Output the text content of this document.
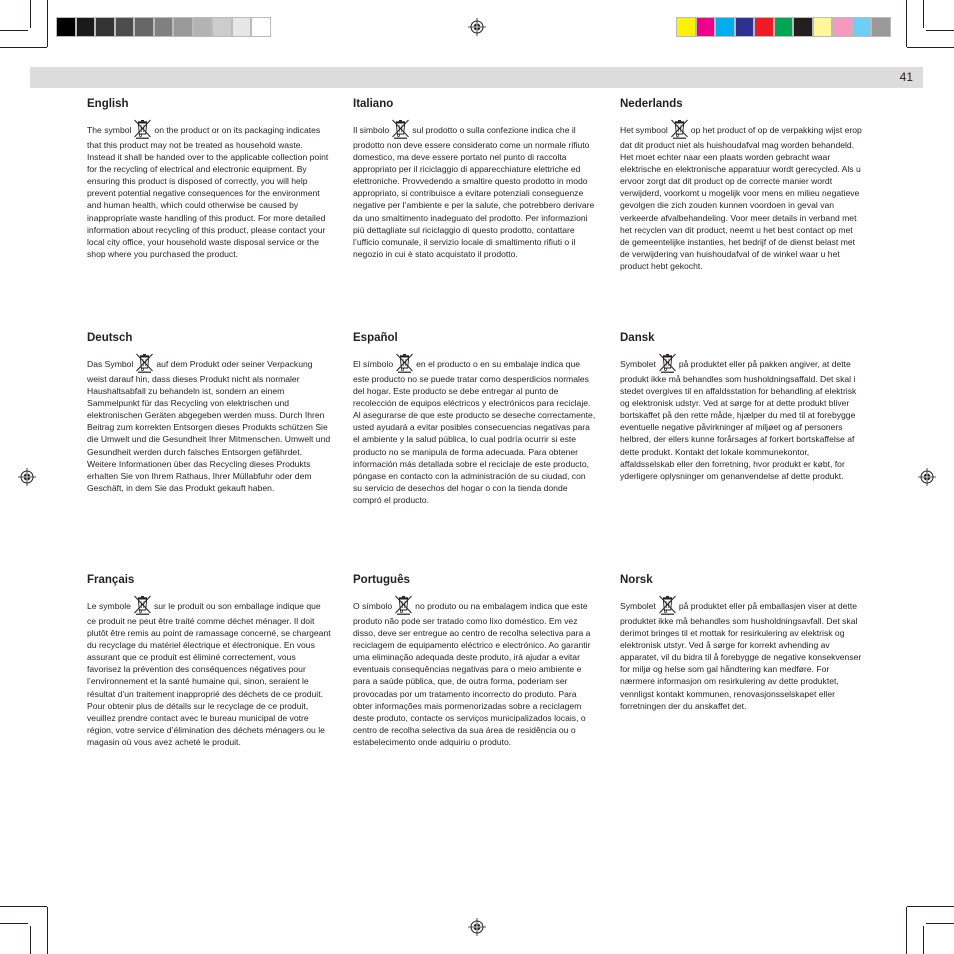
41
English

The symbol	on the product or on its packaging indicates that this product may not be treated as household waste. Instead it shall be handed over to the applicable collection point for the recycling of electrical and electronic equipment. By ensuring this product is disposed of correctly, you will help prevent potential negative consequences for the environment and human health, which could otherwise be caused by inappropriate waste handling of this product. For more detailed information about recycling of this product, please contact your local city office, your household waste disposal service or the shop where you purchased the product.

Italiano

Il simbolo	sul prodotto o sulla confezione indica che il prodotto non deve essere considerato come un normale rifiuto domestico, ma deve essere portato nel punto di raccolta appropriato per il riciclaggio di apparecchiature elettriche ed elettroniche. Provvedendo a smaltire questo prodotto in modo appropriato, si contribuisce a evitare potenziali conseguenze negative per l’ambiente e per la salute, che potrebbero derivare da uno smaltimento inadeguato del prodotto. Per informazioni più dettagliate sul riciclaggio di questo prodotto, contattare l’ufficio comunale, il servizio locale di smaltimento rifiuti o il negozio in cui è stato acquistato il prodotto.

Nederlands

Het symbool	op het product of op de verpakking wijst erop dat dit product niet als huishoudafval mag worden behandeld. Het moet echter naar een plaats worden gebracht waar elektrische en elektronische apparatuur wordt gerecycled. Als u ervoor zorgt dat dit product op de correcte manier wordt verwijderd, voorkomt u mogelijk voor mens en milieu negatieve gevolgen die zich zouden kunnen voordoen in geval van verkeerde afvalbehandeling. Voor meer details in verband met het recyclen van dit product, neemt u het best contact op met de gemeentelijke instanties, het bedrijf of de dienst belast met de verwijdering van huishoudafval of de winkel waar u het product hebt gekocht.

Deutsch

Das Symbol	auf dem Produkt oder seiner Verpackung weist darauf hin, dass dieses Produkt nicht als normaler Haushaltsabfall zu behandeln ist, sondern an einem Sammelpunkt für das Recycling von elektrischen und elektronischen Geräten abgegeben werden muss. Durch Ihren Beitrag zum korrekten Entsorgen dieses Produkts schützen Sie die Umwelt und die Gesundheit Ihrer Mitmenschen. Umwelt und Gesundheit werden durch falsches Entsorgen gefährdet. Weitere Informationen über das Recycling dieses Produkts erhalten Sie von Ihrem Rathaus, Ihrer Müllabfuhr oder dem Geschäft, in dem Sie das Produkt gekauft haben.

Español

El símbolo	en el producto o en su embalaje indica que este producto no se puede tratar como desperdicios normales del hogar. Este producto se debe entregar al punto de recolección de equipos eléctricos y electrónicos para reciclaje. Al asegurarse de que este producto se deseche correctamente, usted ayudará a evitar posibles consecuencias negativas para el ambiente y la salud pública, lo cual podría ocurrir si este producto no se manipula de forma adecuada. Para obtener información más detallada sobre el reciclaje de este producto, póngase en contacto con la administración de su ciudad, con su servicio de desechos del hogar o con la tienda donde compró el producto.

Dansk

Symbolet	på produktet eller på pakken angiver, at dette produkt ikke må behandles som husholdningsaffald. Det skal i stedet overgives til en affaldsstation for behandling af elektrisk og elektronisk udstyr. Ved at sørge for at dette produkt bliver bortskaffet på den rette måde, hjælper du med til at forebygge eventuelle negative påvirkninger af miljøet og af personers helbred, der ellers kunne forårsages af forkert bortskaffelse af dette produkt. Kontakt det lokale kommunekontor, affaldsselskab eller den forretning, hvor produkt er købt, for yderligere oplysninger om genanvendelse af dette produkt.

Français

Le symbole	sur le produit ou son emballage indique que ce produit ne peut être traité comme déchet ménager. Il doit plutôt être remis au point de ramassage concerné, se chargeant du recyclage du matériel électrique et électronique. En vous assurant que ce produit est éliminé correctement, vous favorisez la prévention des conséquences négatives pour l’environnement et la santé humaine qui, sinon, seraient le résultat d’un traitement inapproprié des déchets de ce produit. Pour obtenir plus de détails sur le recyclage de ce produit, veuillez prendre contact avec le bureau municipal de votre région, votre service d’élimination des déchets ménagers ou le magasin où vous avez acheté le produit.

Português

O símbolo	no produto ou na embalagem indica que este produto não pode ser tratado como lixo doméstico. Em vez disso, deve ser entregue ao centro de recolha selectiva para a reciclagem de equipamento eléctrico e electrónico. Ao garantir uma eliminação adequada deste produto, irá ajudar a evitar eventuais consequências negativas para o meio ambiente e para a saúde pública, que, de outra forma, poderiam ser provocadas por um tratamento incorrecto do produto. Para obter informações mais pormenorizadas sobre a reciclagem deste produto, contacte os serviços municipalizados locais, o centro de recolha selectiva da sua área de residência ou o estabelecimento onde adquiriu o produto.

Norsk

Symbolet	på produktet eller på emballasjen viser at dette produktet ikke må behandles som husholdningsavfall. Det skal derimot bringes til et mottak for resirkulering av elektrisk og elektronisk utstyr. Ved å sørge for korrekt avhending av apparatet, vil du bidra til å forebygge de negative konsekvenser for miljø og helse som gal håndtering kan medføre. For nærmere informasjon om resirkulering av dette produktet, vennligst kontakt kommunen, renovasjonsselskapet eller forretningen der du anskaffet det.
